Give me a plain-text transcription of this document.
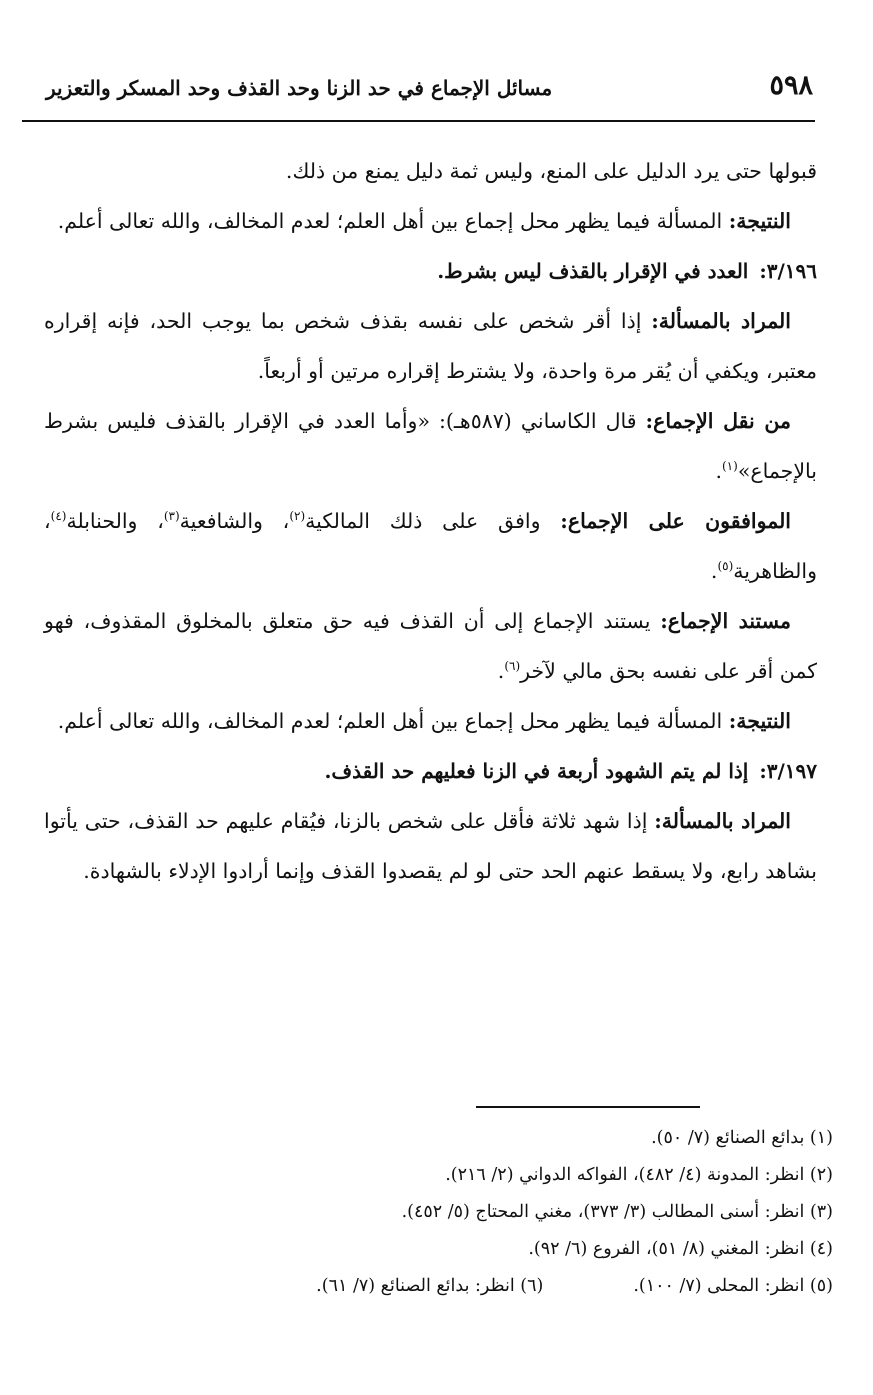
٥٩٨
مسائل الإجماع في حد الزنا وحد القذف وحد المسكر والتعزير

قبولها حتى يرد الدليل على المنع، وليس ثمة دليل يمنع من ذلك.

النتيجة: المسألة فيما يظهر محل إجماع بين أهل العلم؛ لعدم المخالف، والله تعالى أعلم.

٣/١٩٦: العدد في الإقرار بالقذف ليس بشرط.

المراد بالمسألة: إذا أقر شخص على نفسه بقذف شخص بما يوجب الحد، فإنه إقراره معتبر، ويكفي أن يُقر مرة واحدة، ولا يشترط إقراره مرتين أو أربعاً.

من نقل الإجماع: قال الكاساني (٥٨٧هـ): «وأما العدد في الإقرار بالقذف فليس بشرط بالإجماع»$^{(١)}$.

الموافقون على الإجماع: وافق على ذلك المالكية$^{(٢)}$، والشافعية$^{(٣)}$، والحنابلة$^{(٤)}$، والظاهرية$^{(٥)}$.

مستند الإجماع: يستند الإجماع إلى أن القذف فيه حق متعلق بالمخلوق المقذوف، فهو كمن أقر على نفسه بحق مالي لآخر$^{(٦)}$.

النتيجة: المسألة فيما يظهر محل إجماع بين أهل العلم؛ لعدم المخالف، والله تعالى أعلم.

٣/١٩٧: إذا لم يتم الشهود أربعة في الزنا فعليهم حد القذف.

المراد بالمسألة: إذا شهد ثلاثة فأقل على شخص بالزنا، فيُقام عليهم حد القذف، حتى يأتوا بشاهد رابع، ولا يسقط عنهم الحد حتى لو لم يقصدوا القذف وإنما أرادوا الإدلاء بالشهادة.

(١) بدائع الصنائع (٧/ ٥٠).
(٢) انظر: المدونة (٤/ ٤٨٢)، الفواكه الدواني (٢/ ٢١٦).
(٣) انظر: أسنى المطالب (٣/ ٣٧٣)، مغني المحتاج (٥/ ٤٥٢).
(٤) انظر: المغني (٨/ ٥١)، الفروع (٦/ ٩٢).
(٥) انظر: المحلى (٧/ ١٠٠).
(٦) انظر: بدائع الصنائع (٧/ ٦١).
